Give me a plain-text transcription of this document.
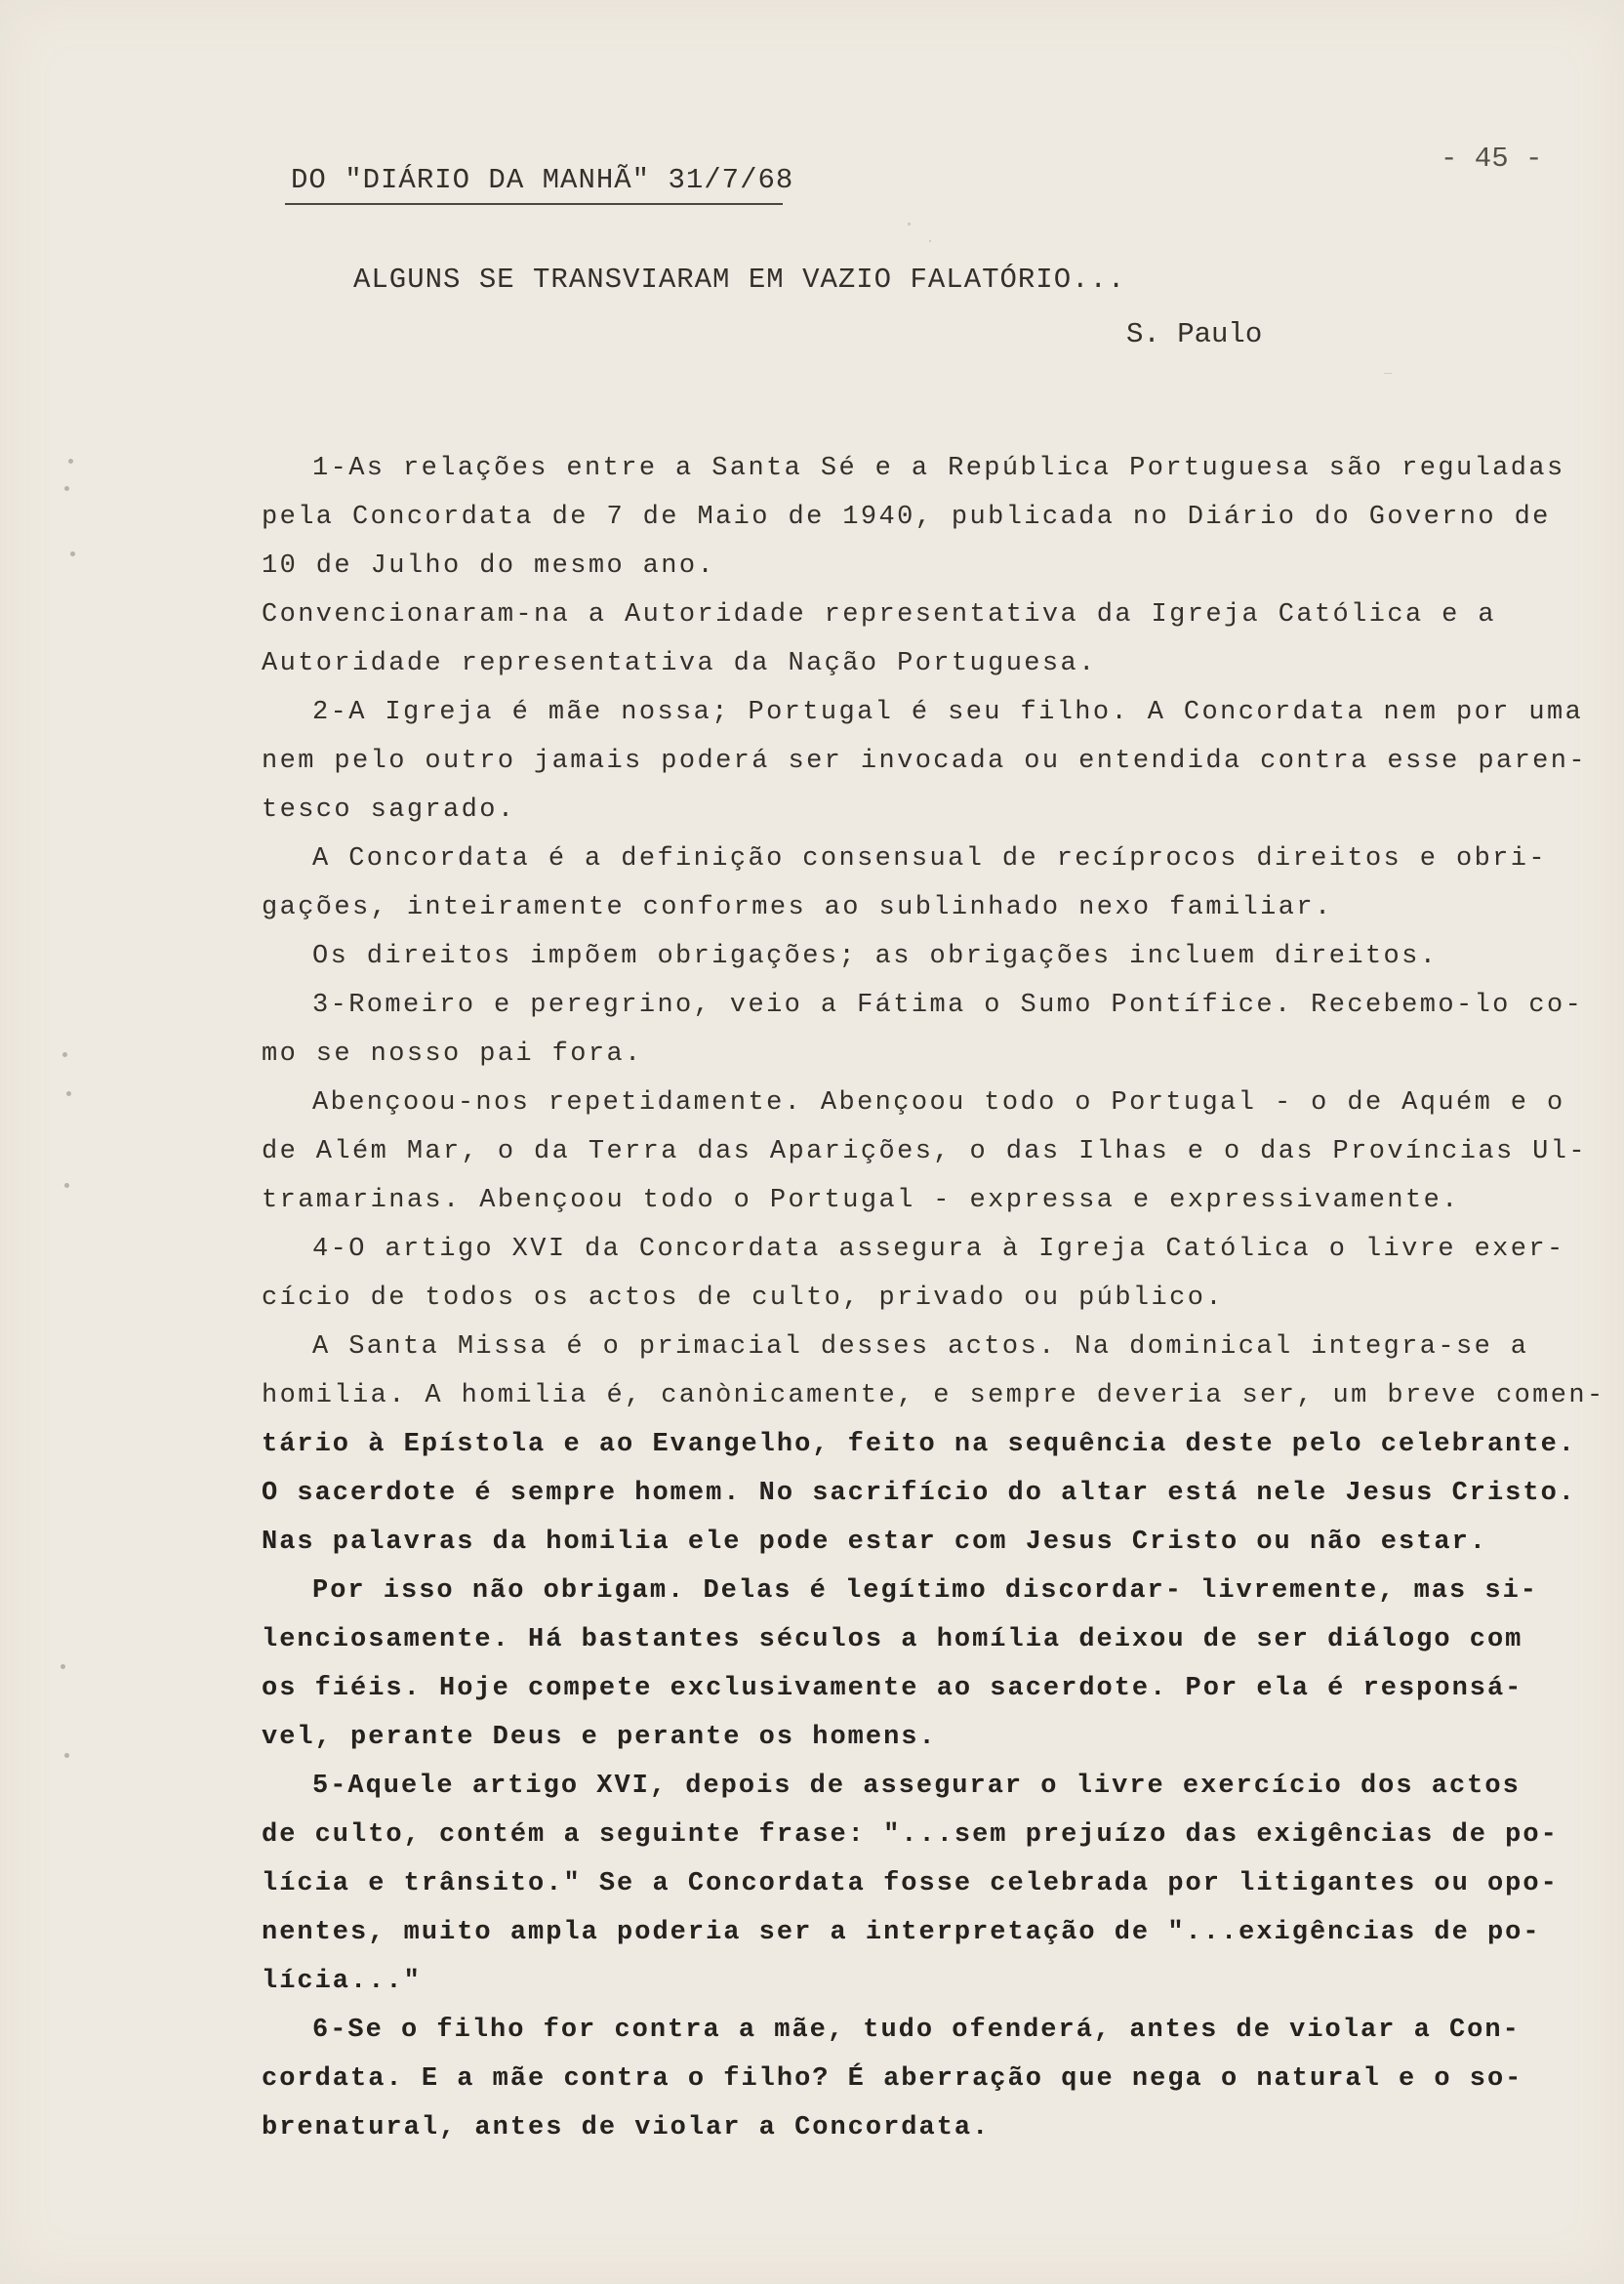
DO "DIÁRIO DA MANHÃ" 31/7/68
- 45 -
ALGUNS SE TRANSVIARAM EM VAZIO FALATÓRIO...
S. Paulo
1-As relações entre a Santa Sé e a República Portuguesa são reguladas
pela Concordata de 7 de Maio de 1940, publicada no Diário do Governo de
10 de Julho do mesmo ano.
Convencionaram-na a Autoridade representativa da Igreja Católica e a
Autoridade representativa da Nação Portuguesa.
2-A Igreja é mãe nossa; Portugal é seu filho. A Concordata nem por uma
nem pelo outro jamais poderá ser invocada ou entendida contra esse paren-
tesco sagrado.
A Concordata é a definição consensual de recíprocos direitos e obri-
gações, inteiramente conformes ao sublinhado nexo familiar.
Os direitos impõem obrigações; as obrigações incluem direitos.
3-Romeiro e peregrino, veio a Fátima o Sumo Pontífice. Recebemo-lo co-
mo se nosso pai fora.
Abençoou-nos repetidamente. Abençoou todo o Portugal - o de Aquém e o
de Além Mar, o da Terra das Aparições, o das Ilhas e o das Províncias Ul-
tramarinas. Abençoou todo o Portugal - expressa e expressivamente.
4-O artigo XVI da Concordata assegura à Igreja Católica o livre exer-
cício de todos os actos de culto, privado ou público.
A Santa Missa é o primacial desses actos. Na dominical integra-se a
homilia. A homilia é, canònicamente, e sempre deveria ser, um breve comen-
tário à Epístola e ao Evangelho, feito na sequência deste pelo celebrante.
O sacerdote é sempre homem. No sacrifício do altar está nele Jesus Cristo.
Nas palavras da homilia ele pode estar com Jesus Cristo ou não estar.
Por isso não obrigam. Delas é legítimo discordar- livremente, mas si-
lenciosamente. Há bastantes séculos a homília deixou de ser diálogo com
os fiéis. Hoje compete exclusivamente ao sacerdote. Por ela é responsá-
vel, perante Deus e perante os homens.
5-Aquele artigo XVI, depois de assegurar o livre exercício dos actos
de culto, contém a seguinte frase: "...sem prejuízo das exigências de po-
lícia e trânsito." Se a Concordata fosse celebrada por litigantes ou opo-
nentes, muito ampla poderia ser a interpretação de "...exigências de po-
lícia..."
6-Se o filho for contra a mãe, tudo ofenderá, antes de violar a Con-
cordata. E a mãe contra o filho? É aberração que nega o natural e o so-
brenatural, antes de violar a Concordata.
